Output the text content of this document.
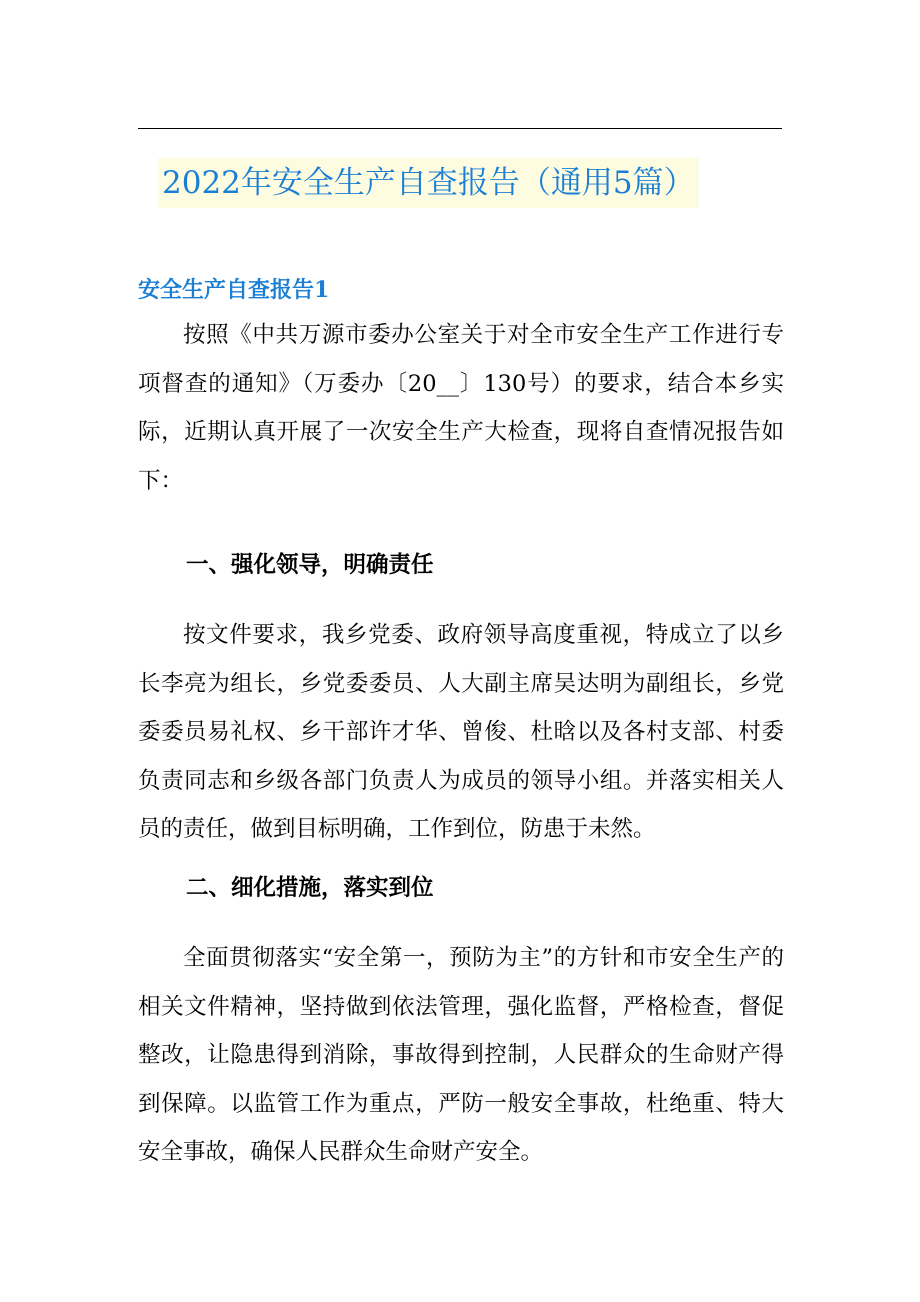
2022年安全生产自查报告（通用5篇）
安全生产自查报告1

按照《中共万源市委办公室关于对全市安全生产工作进行专项督查的通知》（万委办〔20__〕130号）的要求，结合本乡实际，近期认真开展了一次安全生产大检查，现将自查情况报告如下：

一、强化领导，明确责任

按文件要求，我乡党委、政府领导高度重视，特成立了以乡长李亮为组长，乡党委委员、人大副主席吴达明为副组长，乡党委委员易礼权、乡干部许才华、曾俊、杜晗以及各村支部、村委负责同志和乡级各部门负责人为成员的领导小组。并落实相关人员的责任，做到目标明确，工作到位，防患于未然。

二、细化措施，落实到位

全面贯彻落实“安全第一，预防为主”的方针和市安全生产的相关文件精神，坚持做到依法管理，强化监督，严格检查，督促整改，让隐患得到消除，事故得到控制，人民群众的生命财产得到保障。以监管工作为重点，严防一般安全事故，杜绝重、特大安全事故，确保人民群众生命财产安全。
